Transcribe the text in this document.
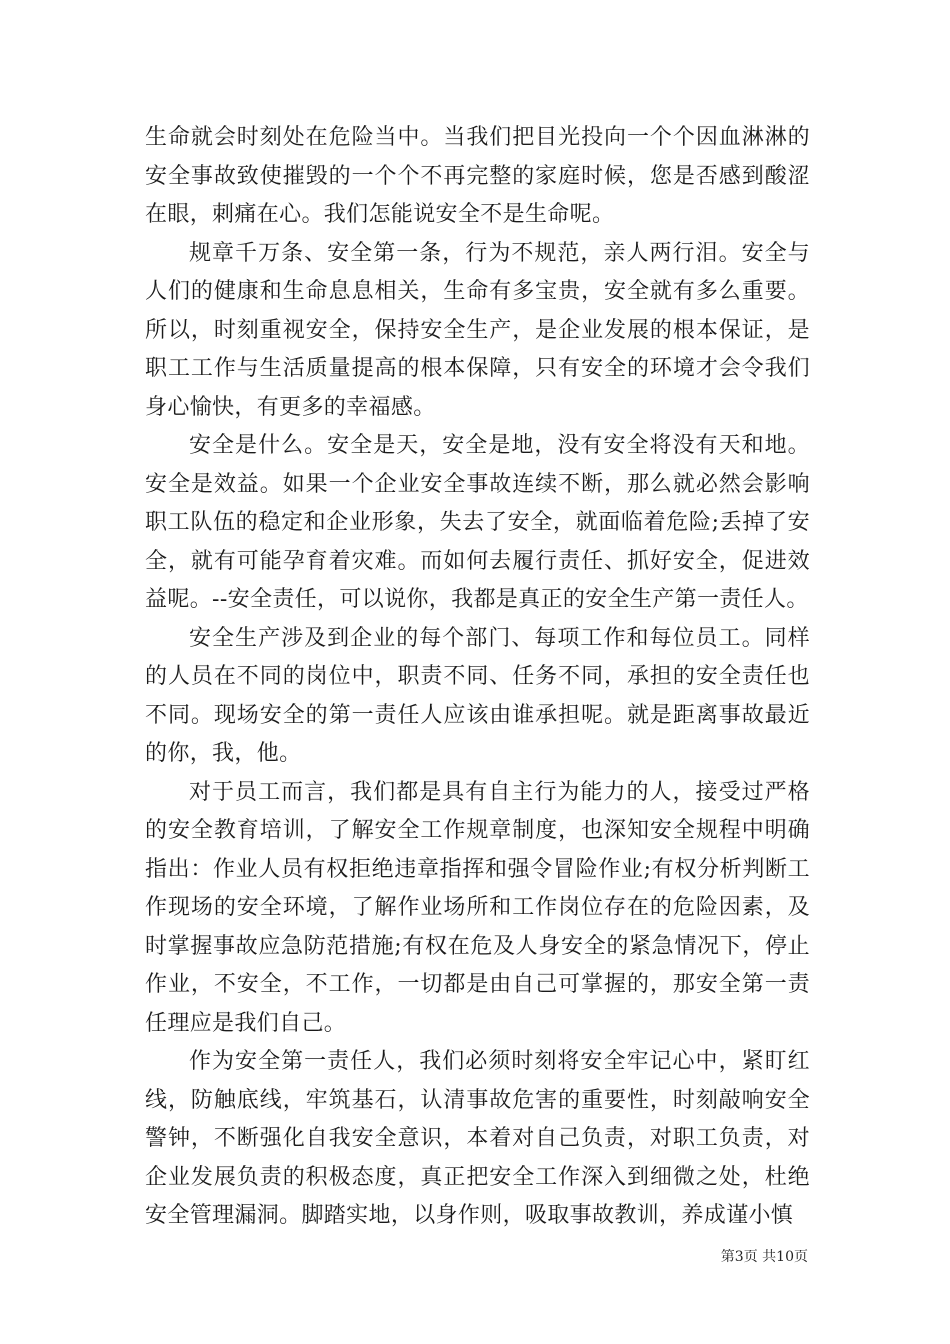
生命就会时刻处在危险当中。当我们把目光投向一个个因血淋淋的安全事故致使摧毁的一个个不再完整的家庭时候，您是否感到酸涩在眼，刺痛在心。我们怎能说安全不是生命呢。

规章千万条、安全第一条，行为不规范，亲人两行泪。安全与人们的健康和生命息息相关，生命有多宝贵，安全就有多么重要。所以，时刻重视安全，保持安全生产，是企业发展的根本保证，是职工工作与生活质量提高的根本保障，只有安全的环境才会令我们身心愉快，有更多的幸福感。

安全是什么。安全是天，安全是地，没有安全将没有天和地。安全是效益。如果一个企业安全事故连续不断，那么就必然会影响职工队伍的稳定和企业形象，失去了安全，就面临着危险;丢掉了安全，就有可能孕育着灾难。而如何去履行责任、抓好安全，促进效益呢。--安全责任，可以说你，我都是真正的安全生产第一责任人。

安全生产涉及到企业的每个部门、每项工作和每位员工。同样的人员在不同的岗位中，职责不同、任务不同，承担的安全责任也不同。现场安全的第一责任人应该由谁承担呢。就是距离事故最近的你，我，他。

对于员工而言，我们都是具有自主行为能力的人，接受过严格的安全教育培训，了解安全工作规章制度，也深知安全规程中明确指出：作业人员有权拒绝违章指挥和强令冒险作业;有权分析判断工作现场的安全环境，了解作业场所和工作岗位存在的危险因素，及时掌握事故应急防范措施;有权在危及人身安全的紧急情况下，停止作业，不安全，不工作，一切都是由自己可掌握的，那安全第一责任理应是我们自己。

作为安全第一责任人，我们必须时刻将安全牢记心中，紧盯红线，防触底线，牢筑基石，认清事故危害的重要性，时刻敲响安全警钟，不断强化自我安全意识，本着对自己负责，对职工负责，对企业发展负责的积极态度，真正把安全工作深入到细微之处，杜绝安全管理漏洞。脚踏实地，以身作则，吸取事故教训，养成谨小慎

第3页 共10页
